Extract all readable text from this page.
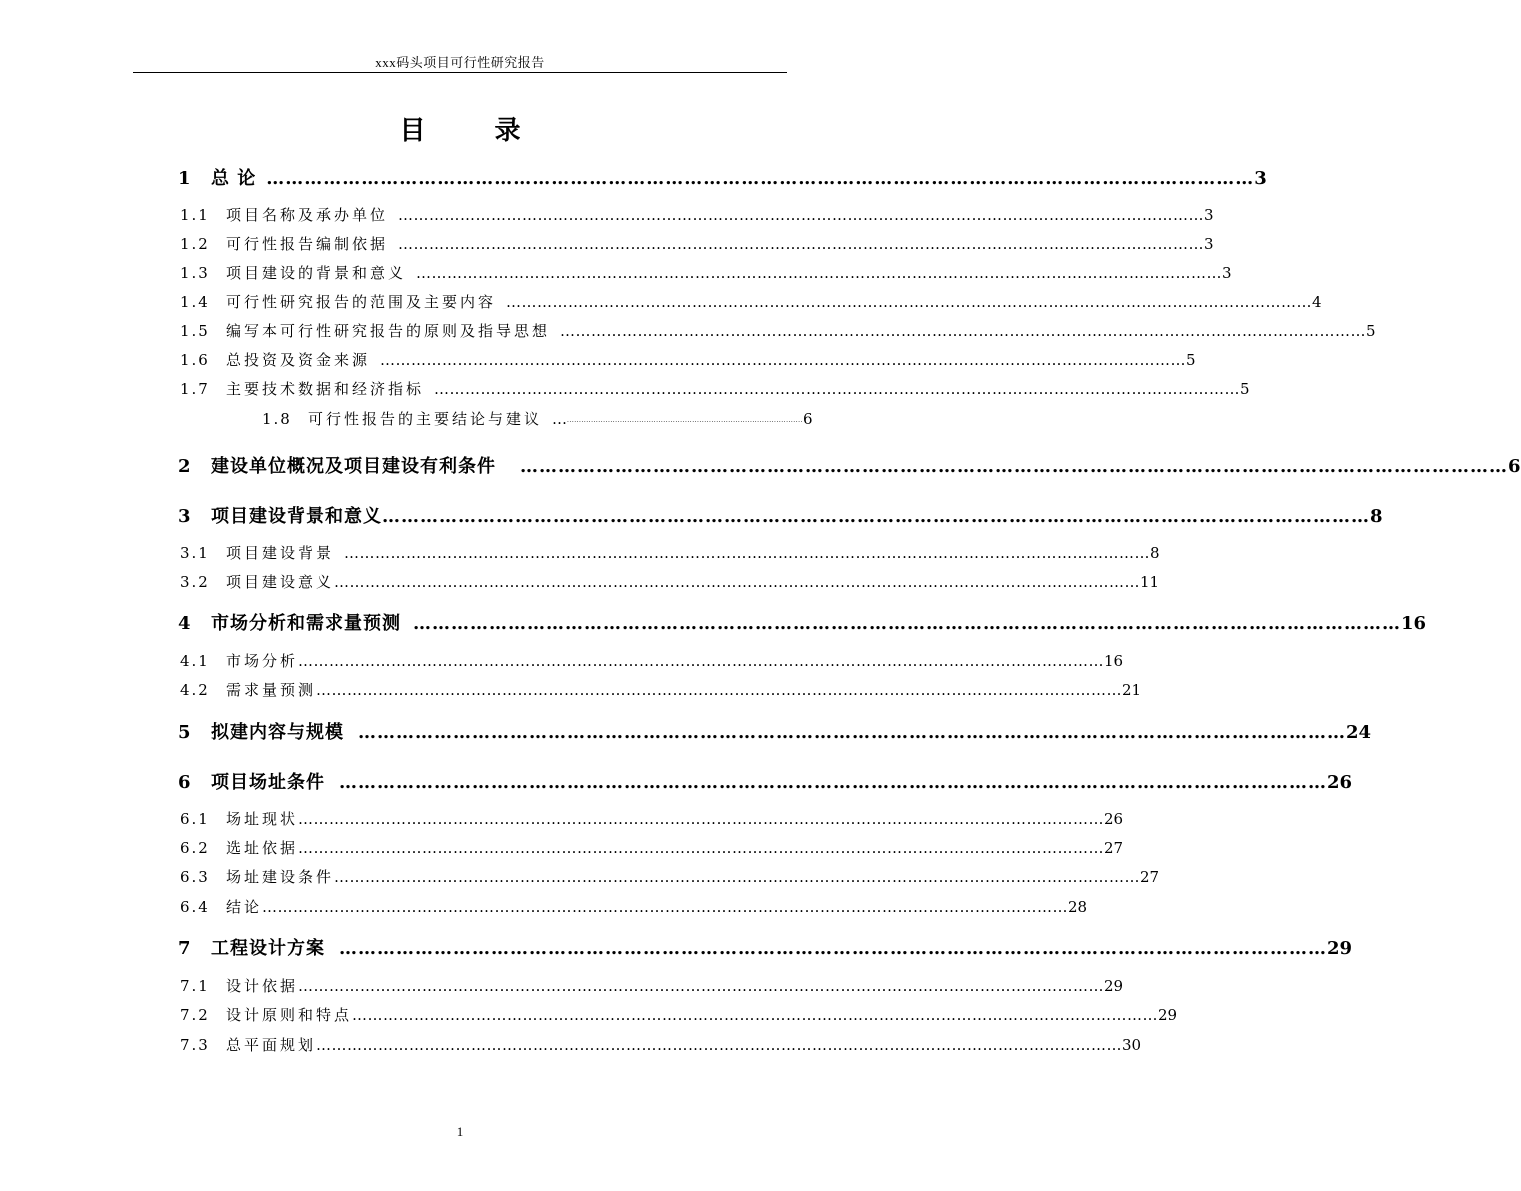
xxx码头项目可行性研究报告
目 录
1	总 论 ………………………………………………………………………………………………………………………………………… 3
1.1	项目名称及承办单位 ………………………………………………………………………………………………………………………………………… 3
1.2	可行性报告编制依据 ………………………………………………………………………………………………………………………………………… 3
1.3	项目建设的背景和意义 ………………………………………………………………………………………………………………………………………… 3
1.4	可行性研究报告的范围及主要内容 ………………………………………………………………………………………………………………………………………… 4
1.5	编写本可行性研究报告的原则及指导思想 ………………………………………………………………………………………………………………………………………… 5
1.6	总投资及资金来源 ………………………………………………………………………………………………………………………………………… 5
1.7	主要技术数据和经济指标 ………………………………………………………………………………………………………………………………………… 5
1.8	可行性报告的主要结论与建议 … ·································································································· 6
2	建设单位概况及项目建设有利条件	………………………………………………………………………………………………………………………………………… 6
3	项目建设背景和意义 ………………………………………………………………………………………………………………………………………… 8
3.1	项目建设背景 ………………………………………………………………………………………………………………………………………… 8
3.2	项目建设意义 ………………………………………………………………………………………………………………………………………… 11
4	市场分析和需求量预测 ………………………………………………………………………………………………………………………………………… 16
4.1	市场分析 ………………………………………………………………………………………………………………………………………… 16
4.2	需求量预测 ………………………………………………………………………………………………………………………………………… 21
5	拟建内容与规模 ………………………………………………………………………………………………………………………………………… 24
6	项目场址条件 ………………………………………………………………………………………………………………………………………… 26
6.1	场址现状 ………………………………………………………………………………………………………………………………………… 26
6.2	选址依据 ………………………………………………………………………………………………………………………………………… 27
6.3	场址建设条件 ………………………………………………………………………………………………………………………………………… 27
6.4	结论 ………………………………………………………………………………………………………………………………………… 28
7	工程设计方案 ………………………………………………………………………………………………………………………………………… 29
7.1	设计依据 ………………………………………………………………………………………………………………………………………… 29
7.2	设计原则和特点 ………………………………………………………………………………………………………………………………………… 29
7.3	总平面规划 ………………………………………………………………………………………………………………………………………… 30
1
